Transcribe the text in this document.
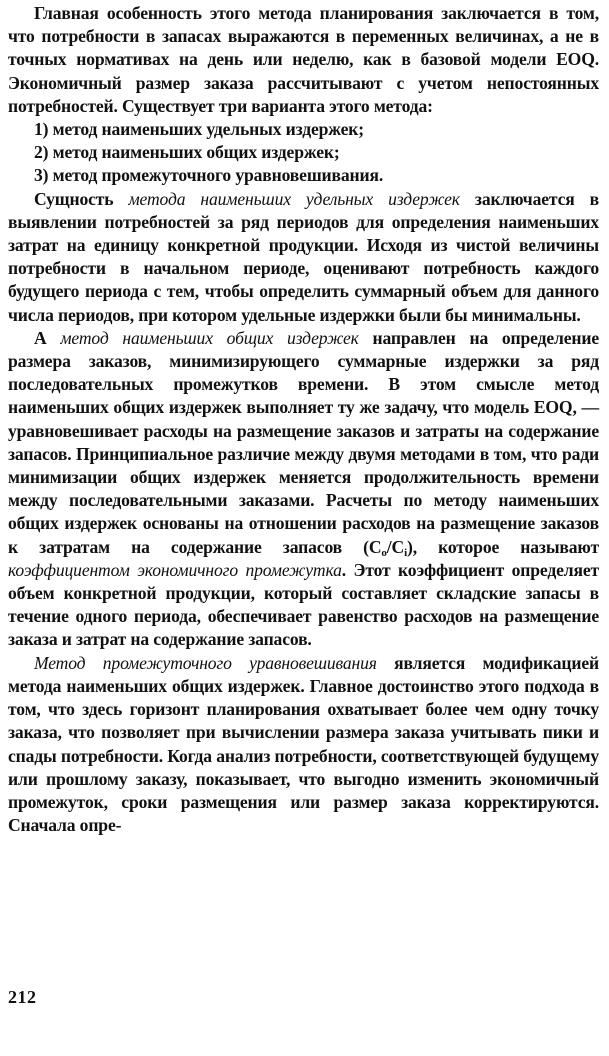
Главная особенность этого метода планирования заключается в том, что потребности в запасах выражаются в переменных величинах, а не в точных нормативах на день или неделю, как в базовой модели EOQ. Экономичный размер заказа рассчитывают с учетом непостоянных потребностей. Существует три варианта этого метода:

1) метод наименьших удельных издержек;

2) метод наименьших общих издержек;

3) метод промежуточного уравновешивания.

Сущность метода наименьших удельных издержек заключается в выявлении потребностей за ряд периодов для определения наименьших затрат на единицу конкретной продукции. Исходя из чистой величины потребности в начальном периоде, оценивают потребность каждого будущего периода с тем, чтобы определить суммарный объем для данного числа периодов, при котором удельные издержки были бы минимальны.

А метод наименьших общих издержек направлен на определение размера заказов, минимизирующего суммарные издержки за ряд последовательных промежутков времени. В этом смысле метод наименьших общих издержек выполняет ту же задачу, что модель EOQ, — уравновешивает расходы на размещение заказов и затраты на содержание запасов. Принципиальное различие между двумя методами в том, что ради минимизации общих издержек меняется продолжительность времени между последовательными заказами. Расчеты по методу наименьших общих издержек основаны на отношении расходов на размещение заказов к затратам на содержание запасов $(C_o/C_i)$, которое называют коэффициентом экономичного промежутка. Этот коэффициент определяет объем конкретной продукции, который составляет складские запасы в течение одного периода, обеспечивает равенство расходов на размещение заказа и затрат на содержание запасов.

Метод промежуточного уравновешивания является модификацией метода наименьших общих издержек. Главное достоинство этого подхода в том, что здесь горизонт планирования охватывает более чем одну точку заказа, что позволяет при вычислении размера заказа учитывать пики и спады потребности. Когда анализ потребности, соответствующей будущему или прошлому заказу, показывает, что выгодно изменить экономичный промежуток, сроки размещения или размер заказа корректируются. Сначала опре-

212
